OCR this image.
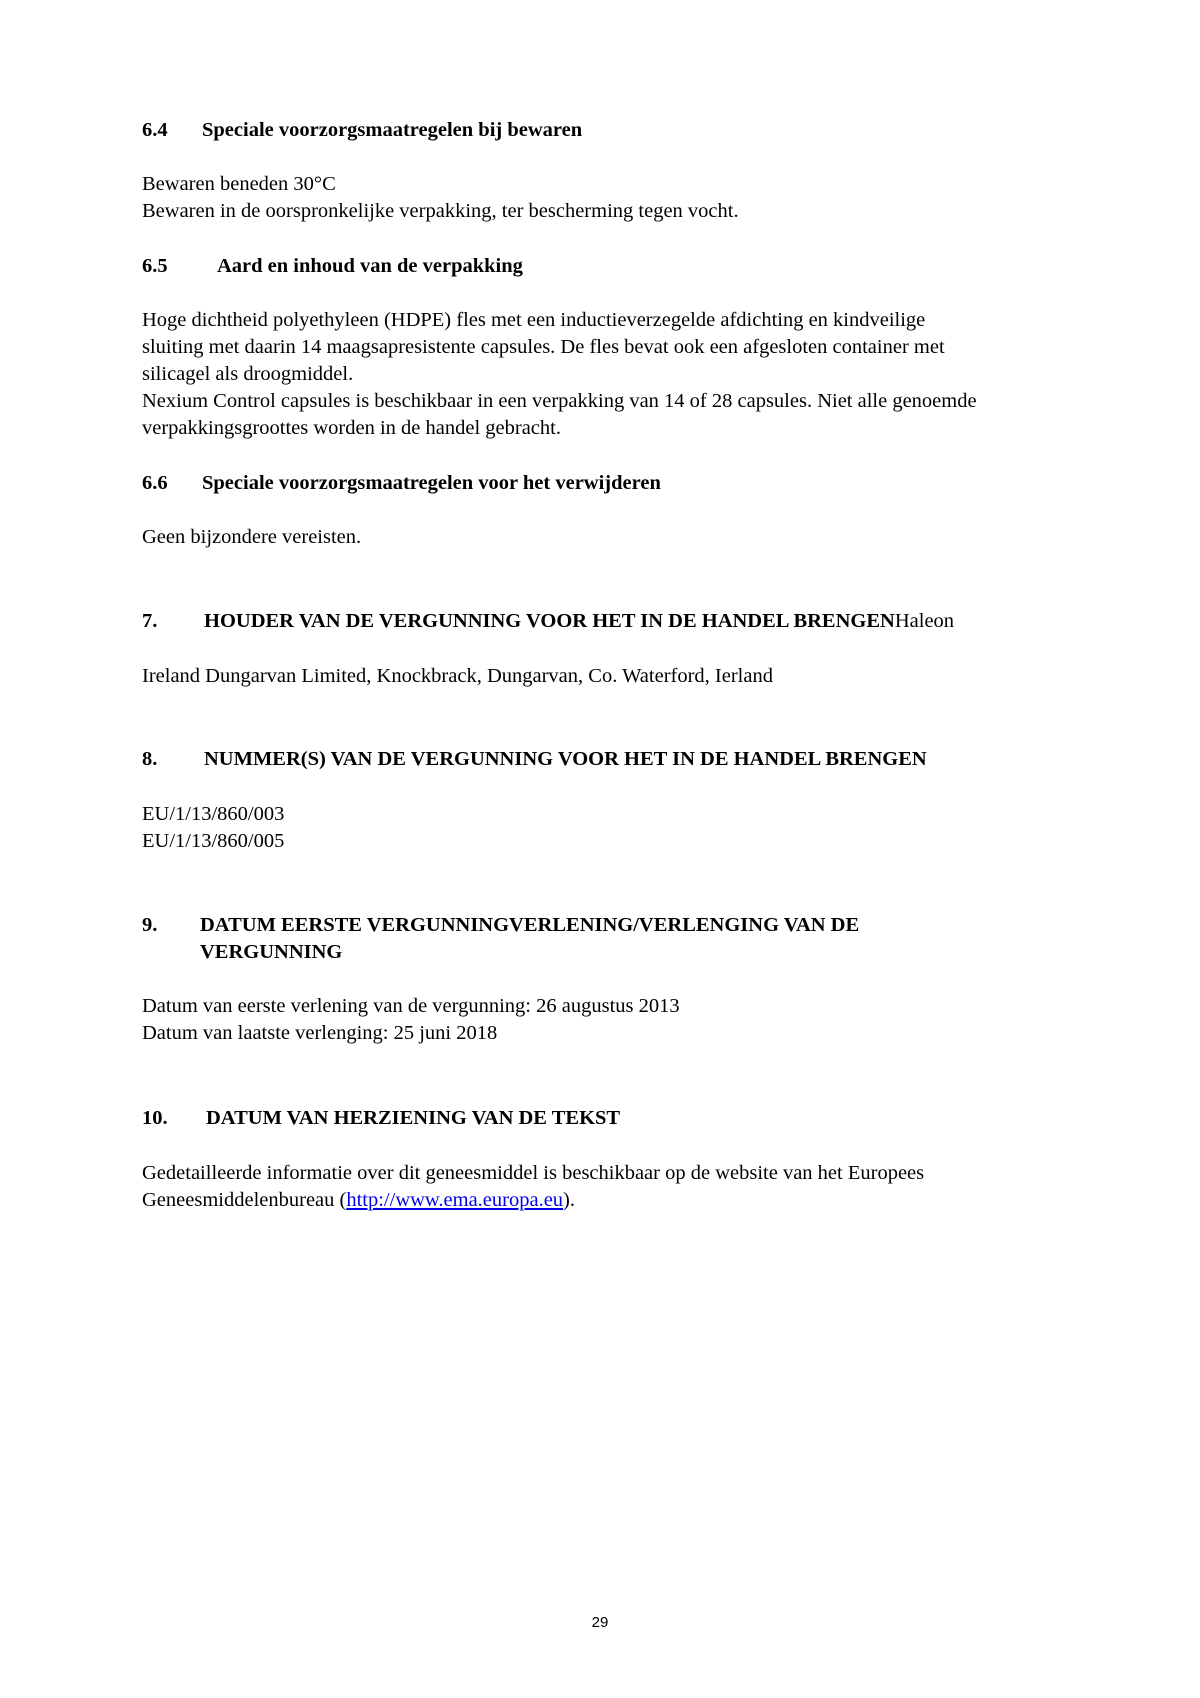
6.4 Speciale voorzorgsmaatregelen bij bewaren

Bewaren beneden 30°C

Bewaren in de oorspronkelijke verpakking, ter bescherming tegen vocht.

6.5 Aard en inhoud van de verpakking

Hoge dichtheid polyethyleen (HDPE) fles met een inductieverzegelde afdichting en kindveilige

sluiting met daarin 14 maagsapresistente capsules. De fles bevat ook een afgesloten container met

silicagel als droogmiddel.

Nexium Control capsules is beschikbaar in een verpakking van 14 of 28 capsules. Niet alle genoemde

verpakkingsgroottes worden in de handel gebracht.

6.6 Speciale voorzorgsmaatregelen voor het verwijderen

Geen bijzondere vereisten.

7. HOUDER VAN DE VERGUNNING VOOR HET IN DE HANDEL BRENGENHaleon

Ireland Dungarvan Limited, Knockbrack, Dungarvan, Co. Waterford, Ierland

8. NUMMER(S) VAN DE VERGUNNING VOOR HET IN DE HANDEL BRENGEN

EU/1/13/860/003

EU/1/13/860/005

9. DATUM EERSTE VERGUNNINGVERLENING/VERLENGING VAN DE

VERGUNNING

Datum van eerste verlening van de vergunning: 26 augustus 2013

Datum van laatste verlenging: 25 juni 2018

10. DATUM VAN HERZIENING VAN DE TEKST

Gedetailleerde informatie over dit geneesmiddel is beschikbaar op de website van het Europees

Geneesmiddelenbureau (http://www.ema.europa.eu).

29
